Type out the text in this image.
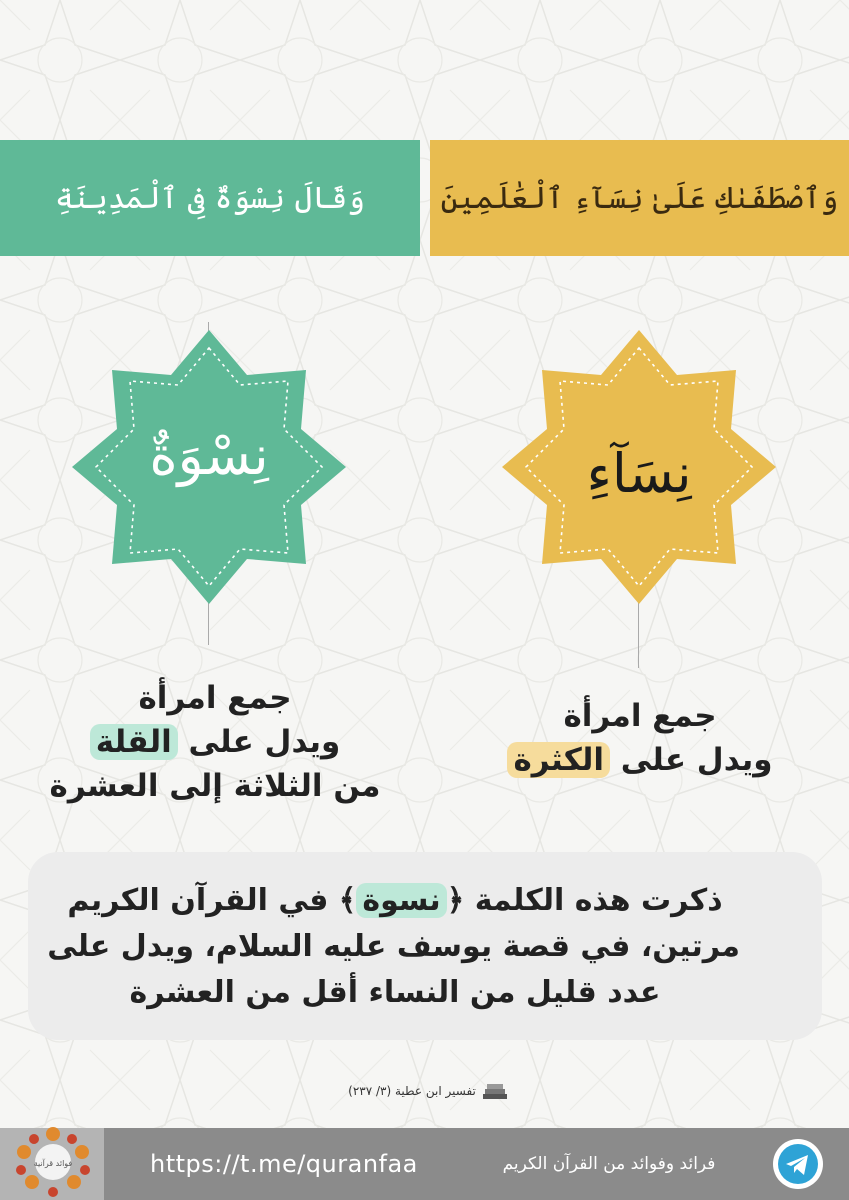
وَقَالَ نِسْوَةٌ فِى ٱلْمَدِينَةِ	وَٱصْطَفَىٰكِ عَلَىٰ نِسَآءِ ٱلْعَٰلَمِينَ
نِسْوَةٌ	نِسَآءِ
جمع امرأة
ويدل على القلة
من الثلاثة إلى العشرة
جمع امرأة
ويدل على الكثرة
ذكرت هذه الكلمة ﴿نسوة﴾ في القرآن الكريم
مرتين، في قصة يوسف عليه السلام، ويدل على
عدد قليل من النساء أقل من العشرة
تفسير ابن عطية (٣/ ٢٣٧)
فوائد قرآنية	https://t.me/quranfaa	فرائد وفوائد من القرآن الكريم
